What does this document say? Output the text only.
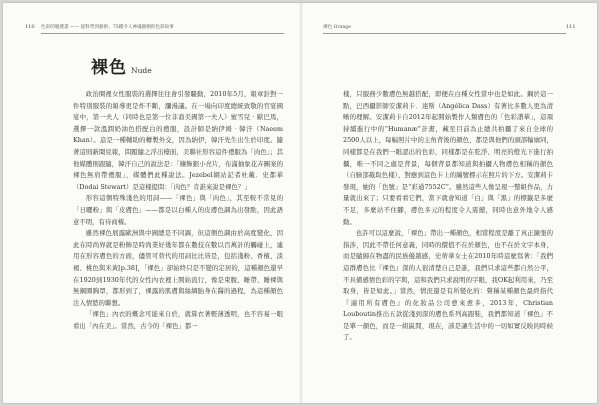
110 色彩的履歷書 —— 從科學到藝術，75種令人神魂顛倒的色彩故事	裸色 Orange	111
裸色 Nude

政治圈裡女性服裝的選擇往往會引發騷動，2010年5月，報章針對一件特別服裝的報導更是炸不斷，瀰漫議。在一場向印度總統致敬的官宴國宴中，第一夫人（同時也是第一位非裔美國第一夫人）蜜雪兒‧歐巴馬，選擇一款溫潤奶油色搭配白的禮服，設計師是納伊姆‧韓汗（Naeem Khan）。這是一種輔助的轉製外交，因為納伊，韓汗先生出生於印度。隨著這則新聞見報，問題隨之浮出檯面，美聯社形容這件禮服為「肉色」；其他媒體則跟隨，韓汗自己的說法是：「鑲飾銀小亮片，布滿抽象花卉圖案的裸色無肩帶禮服」，媒體們此種說法。Jezebel網站記者杜戴．史都華（Dodai Stewart）是這樣提問：「肉色？肯誰來說是裸色？」

形容這個特殊淺色的用詞——「裸色」與「肉色」，其至較不常見的「日曬粉」與「皮膚色」——都是以白種人的皮膚色調為出發點，因此語意不明，有待商榷。

雖然裸色展露歐洲與中國總是不同調，但這個色調由於高度變化，因此在時尚界就是粉飾是時尚業好幾年都在數技在數以百萬計的觸碰上，連用在形容膚色的方面，儘管可替代的用詞比比皆是，包括淺粉、香檳、淡褐、桃色與米黃[p.38]，「裸色」卻始終只是不變的定居的，這種顏色還早在1920到1930年代的女性內衣裡上開始流行，像是束腹、睡帶、睡裸與無鋼圈胸罩，都形到了，裸露的肌膚與絲綢胎身在醫的過程，為這種顏色注入情慾的聯想。

「裸色」內衣的概念可能來自於，就算衣著輕薄透明，也不容易一眼看出「內在美」。當然，古今的「裸色」都一

樣，只服務少數膚色無越搭配，即便在白種女性當中也是如此。鋼於這一點，巴西攝影師安潔莉卡．達斯（Angélica Dass）有著比多數人更為清晰的理解。安潔莉卡自2012年起開始製作人類膚色的「色彩譜華」，這項持續進行中的“Humanæ”計畫，藏至目前為止總共拍攝了來自全球的2500人以上，每幅照片中的主角背後的顏色，都是與他們的頭部輪廓同，同樣都是在我們一眼認出的色彩，同樣都是在乾淨、明亮的燈光下進行拍攝，唯一不同之處是背景，每個背景都知道與拍攝人物膚色相稱的顏色（自臉部截取色樣），對應到這色卡上的編號標示在照片的下方。安潔莉卡發現，她的「色號」是“彩通7552C”。雖然這些人像呈現一整組作品，力量就出來了；只要看看它們，當下就會知道「白」與「黑」的標籤是多麼不足，多麼站不住腳，膚色多元的程度令人震撼，同時也意外地令人感動。

也許可以這麼說，「裸色」帶出一種顏色，相當程度是離了真正擴張的指涉，因此不帶任何意義，同時的價值不在於顏色，也不在於文字本身，而是隨歸在物盡的民族優越感，史蒂華女士在2010年時這麼寫著：「我們這群膚色比『裸色』深的人很清楚自己是誰，我們只求這些都自然公平，不具備感情色彩的字與，這和我們只求說明的字眼，我OK起利用來，乃至取身，皆是如此。」當然，情況還是有所變化的：聲稱某種顏色最終指代『適用所有膚色』的化妝品公司愈來愈多，2013年，Christian Louboutin推出五款從淺到深的膚色系列高跟鞋，我們都知道「裸色」不是單一顏色，而是一組區間，現在，該是讓生活中的一切如實反映的時候了。
